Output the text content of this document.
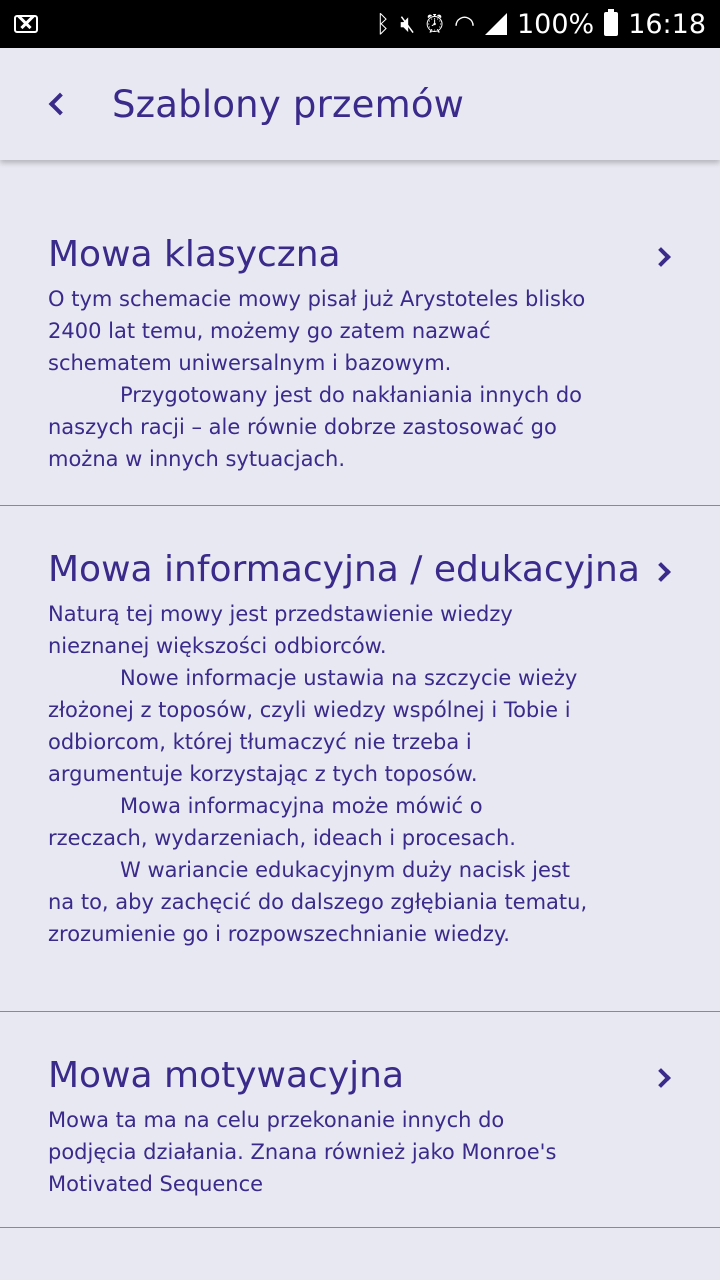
ᛒ 🔇︎ ⏰︎ ◠ 100% 16:18
Szablony przemów
Mowa klasyczna

O tym schemacie mowy pisał już Arystoteles blisko 2400 lat temu, możemy go zatem nazwać schematem uniwersalnym i bazowym.

Przygotowany jest do nakłaniania innych do naszych racji – ale równie dobrze zastosować go można w innych sytuacjach.

Mowa informacyjna / edukacyjna

Naturą tej mowy jest przedstawienie wiedzy nieznanej większości odbiorców.

Nowe informacje ustawia na szczycie wieży złożonej z toposów, czyli wiedzy wspólnej i Tobie i odbiorcom, której tłumaczyć nie trzeba i argumentuje korzystając z tych toposów.

Mowa informacyjna może mówić o rzeczach, wydarzeniach, ideach i procesach.

W wariancie edukacyjnym duży nacisk jest na to, aby zachęcić do dalszego zgłębiania tematu, zrozumienie go i rozpowszechnianie wiedzy.

Mowa motywacyjna

Mowa ta ma na celu przekonanie innych do podjęcia działania. Znana również jako Monroe's Motivated Sequence
